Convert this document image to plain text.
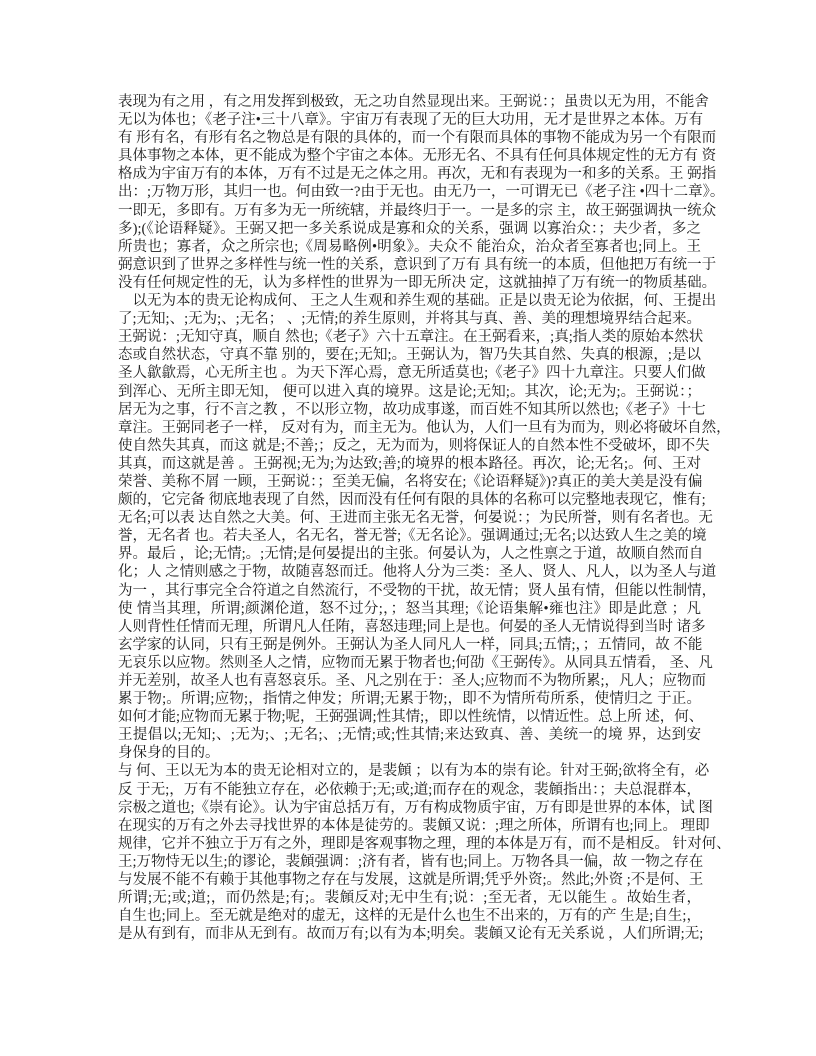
表现为有之用 ，有之用发挥到极致，无之功自然显现出来。王弼说：；虽贵以无为用，不能舍
无以为体也；《老子注•三十八章》。宇宙万有表现了无的巨大功用，无才是世界之本体。万有
有 形有名，有形有名之物总是有限的具体的，而一个有限而具体的事物不能成为另一个有限而
具体事物之本体，更不能成为整个宇宙之本体。无形无名、不具有任何具体规定性的无方有 资
格成为宇宙万有的本体，万有不过是无之体之用。再次，无和有表现为一和多的关系。王 弼指
出：;万物万形，其归一也。何由致一?由于无也。由无乃一，一可谓无已《老子注 •四十二章》。
一即无，多即有。万有多为无一所统辖，并最终归于一。一是多的宗 主，故王弼强调执一统众
多);(《论语释疑》。王弼又把一多关系说成是寡和众的关系，强调 以寡治众：；夫少者，多之
所贵也；寡者，众之所宗也;《周易略例•明象》。夫众不 能治众，治众者至寡者也;同上。王
弼意识到了世界之多样性与统一性的关系，意识到了万有 具有统一的本质，但他把万有统一于
没有任何规定性的无，认为多样性的世界为一即无所决 定，这就抽掉了万有统一的物质基础。
　以无为本的贵无论构成何、 王之人生观和养生观的基础。正是以贵无论为依据，何、王提出
了;无知;、;无为;、;无名； 、;无情;的养生原则，并将其与真、善、美的理想境界结合起来。
王弼说：;无知守真，顺自 然也;《老子》六十五章注。在王弼看来，;真;指人类的原始本然状
态或自然状态，守真不靠 别的，要在;无知;。王弼认为，智乃失其自然、失真的根源，;是以
圣人歙歙焉，心无所主也 。为天下浑心焉，意无所适莫也;《老子》四十九章注。只要人们做
到浑心、无所主即无知， 便可以进入真的境界。这是论;无知;。其次，论;无为;。王弼说：；
居无为之事，行不言之教 ，不以形立物，故功成事遂，而百姓不知其所以然也;《老子》十七
章注。王弼同老子一样， 反对有为，而主无为。他认为，人们一旦有为而为，则必将破坏自然，
使自然失其真，而这 就是;不善;；反之，无为而为，则将保证人的自然本性不受破坏，即不失
其真，而这就是善 。王弼视;无为;为达致;善;的境界的根本路径。再次，论;无名;。何、王对
荣誉、美称不屑 一顾，王弼说：；至美无偏，名将安在;《论语释疑》)?真正的美大美是没有偏
颇的，它完备 彻底地表现了自然，因而没有任何有限的具体的名称可以完整地表现它，惟有;
无名;可以表 达自然之大美。何、王进而主张无名无誉，何晏说：；为民所誉，则有名者也。无
誉，无名者 也。若夫圣人，名无名，誉无誉;《无名论》。强调通过;无名;以达致人生之美的境
界。最后 ，论;无情;。;无情;是何晏提出的主张。何晏认为，人之性禀之于道，故顺自然而自
化；人 之情则感之于物，故随喜怒而迁。他将人分为三类：圣人、贤人、凡人，以为圣人与道
为一 ，其行事完全合符道之自然流行，不受物的干扰，故无情；贤人虽有情，但能以性制情，
使 情当其理，所谓;颜渊伦道，怒不过分;，；怒当其理;《论语集解•雍也注》即是此意 ；凡
人则背性任情而无理，所谓凡人任陏，喜怒违理;同上是也。何晏的圣人无情说得到当时 诸多
玄学家的认同，只有王弼是例外。王弼认为圣人同凡人一样，同具;五情;，；五情同，故 不能
无哀乐以应物。然则圣人之情，应物而无累于物者也;何劭《王弼传》。从同具五情看， 圣、凡
并无差别，故圣人也有喜怒哀乐。圣、凡之别在于：圣人;应物而不为物所累;，凡人；应物而
累于物;。所谓;应物;，指情之伸发；所谓;无累于物;，即不为情所苟所系，使情归之 于正。
如何才能;应物而无累于物;呢，王弼强调;性其情;，即以性统情，以情近性。总上所 述，何、
王提倡以;无知;、;无为;、;无名;、;无情;或;性其情;来达致真、善、美统一的境 界，达到安
身保身的目的。
与 何、王以无为本的贵无论相对立的，是裴頠 ；以有为本的崇有论。针对王弼;欲将全有，必
反 于无;，万有不能独立存在，必依赖于;无;或;道;而存在的观念，裴頠指出：；夫总混群本，
宗极之道也;《崇有论》。认为宇宙总括万有，万有构成物质宇宙，万有即是世界的本体，试 图
在现实的万有之外去寻找世界的本体是徒劳的。裴頠又说：;理之所体，所谓有也;同上。 理即
规律，它并不独立于万有之外，理即是客观事物之理，理的本体是万有，而不是相反。 针对何、
王;万物恃无以生;的谬论，裴頠强调：;济有者，皆有也;同上。万物各具一偏，故 一物之存在
与发展不能不有赖于其他事物之存在与发展，这就是所谓;凭乎外资;。然此;外资 ;不是何、王
所谓;无;或;道;，而仍然是;有;。裴頠反对;无中生有;说：;至无者，无以能生 。故始生者，
自生也;同上。至无就是绝对的虚无，这样的无是什么也生不出来的，万有的产 生是;自生;，
是从有到有，而非从无到有。故而万有;以有为本;明矣。裴頠又论有无关系说 ，人们所谓;无;
